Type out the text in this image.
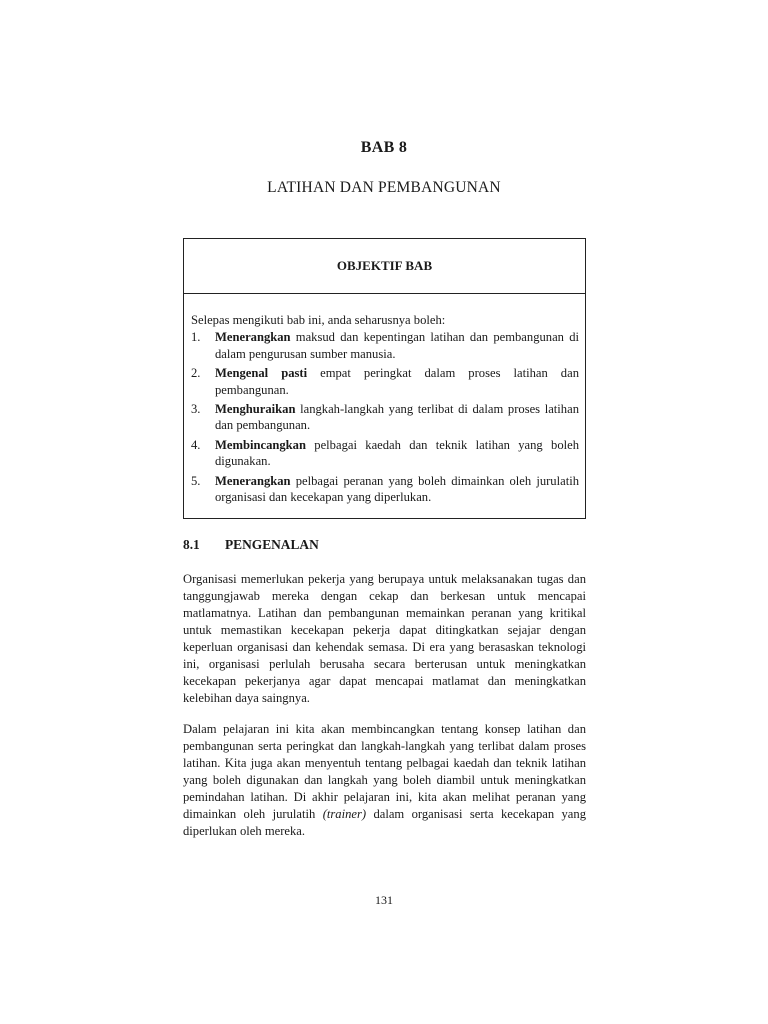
BAB 8
LATIHAN DAN PEMBANGUNAN
OBJEKTIF BAB

Selepas mengikuti bab ini, anda seharusnya boleh:

1.	Menerangkan maksud dan kepentingan latihan dan pembangunan di dalam pengurusan sumber manusia.
2.	Mengenal pasti empat peringkat dalam proses latihan dan pembangunan.
3.	Menghuraikan langkah-langkah yang terlibat di dalam proses latihan dan pembangunan.
4.	Membincangkan pelbagai kaedah dan teknik latihan yang boleh digunakan.
5.	Menerangkan pelbagai peranan yang boleh dimainkan oleh jurulatih organisasi dan kecekapan yang diperlukan.
8.1 PENGENALAN

Organisasi memerlukan pekerja yang berupaya untuk melaksanakan tugas dan tanggungjawab mereka dengan cekap dan berkesan untuk mencapai matlamatnya. Latihan dan pembangunan memainkan peranan yang kritikal untuk memastikan kecekapan pekerja dapat ditingkatkan sejajar dengan keperluan organisasi dan kehendak semasa. Di era yang berasaskan teknologi ini, organisasi perlulah berusaha secara berterusan untuk meningkatkan kecekapan pekerjanya agar dapat mencapai matlamat dan meningkatkan kelebihan daya saingnya.

Dalam pelajaran ini kita akan membincangkan tentang konsep latihan dan pembangunan serta peringkat dan langkah-langkah yang terlibat dalam proses latihan. Kita juga akan menyentuh tentang pelbagai kaedah dan teknik latihan yang boleh digunakan dan langkah yang boleh diambil untuk meningkatkan pemindahan latihan. Di akhir pelajaran ini, kita akan melihat peranan yang dimainkan oleh jurulatih (trainer) dalam organisasi serta kecekapan yang diperlukan oleh mereka.

131
